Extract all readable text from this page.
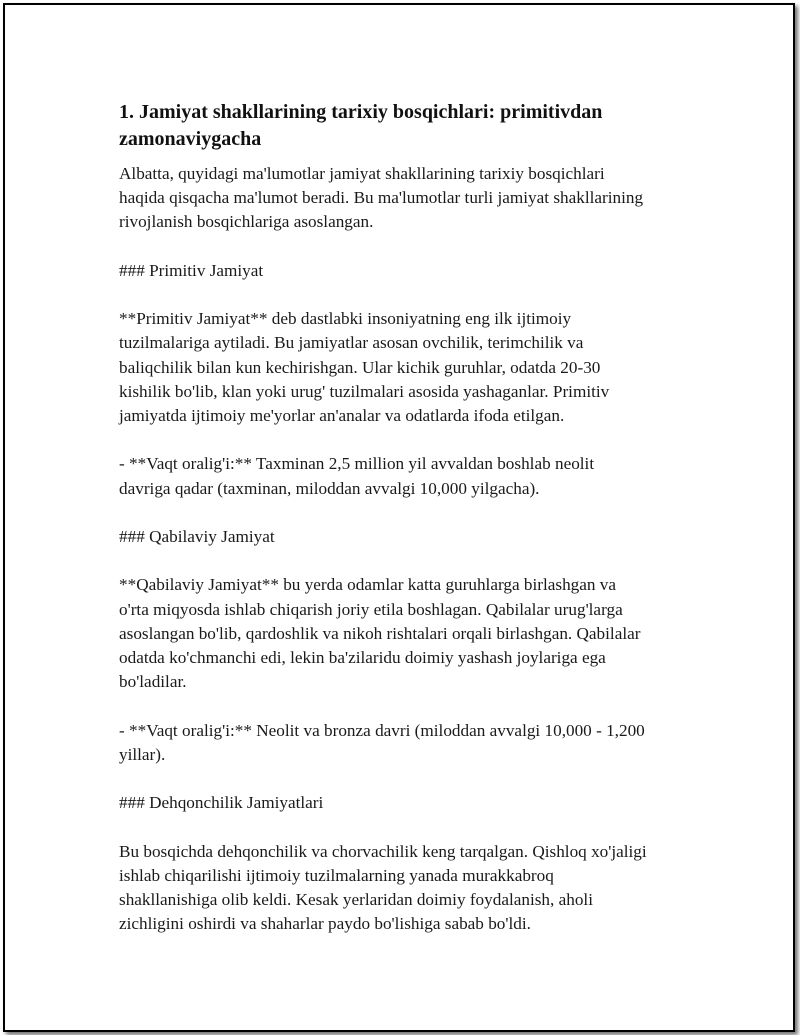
1. Jamiyat shakllarining tarixiy bosqichlari: primitivdan zamonaviygacha

Albatta, quyidagi ma'lumotlar jamiyat shakllarining tarixiy bosqichlari
haqida qisqacha ma'lumot beradi. Bu ma'lumotlar turli jamiyat shakllarining
rivojlanish bosqichlariga asoslangan.

### Primitiv Jamiyat

**Primitiv Jamiyat** deb dastlabki insoniyatning eng ilk ijtimoiy
tuzilmalariga aytiladi. Bu jamiyatlar asosan ovchilik, terimchilik va
baliqchilik bilan kun kechirishgan. Ular kichik guruhlar, odatda 20-30
kishilik bo'lib, klan yoki urug' tuzilmalari asosida yashaganlar. Primitiv
jamiyatda ijtimoiy me'yorlar an'analar va odatlarda ifoda etilgan.

- **Vaqt oralig'i:** Taxminan 2,5 million yil avvaldan boshlab neolit
davriga qadar (taxminan, miloddan avvalgi 10,000 yilgacha).

### Qabilaviy Jamiyat

**Qabilaviy Jamiyat** bu yerda odamlar katta guruhlarga birlashgan va
o'rta miqyosda ishlab chiqarish joriy etila boshlagan. Qabilalar urug'larga
asoslangan bo'lib, qardoshlik va nikoh rishtalari orqali birlashgan. Qabilalar
odatda ko'chmanchi edi, lekin ba'zilaridu doimiy yashash joylariga ega
bo'ladilar.

- **Vaqt oralig'i:** Neolit va bronza davri (miloddan avvalgi 10,000 - 1,200
yillar).

### Dehqonchilik Jamiyatlari

Bu bosqichda dehqonchilik va chorvachilik keng tarqalgan. Qishloq xo'jaligi
ishlab chiqarilishi ijtimoiy tuzilmalarning yanada murakkabroq
shakllanishiga olib keldi. Kesak yerlaridan doimiy foydalanish, aholi
zichligini oshirdi va shaharlar paydo bo'lishiga sabab bo'ldi.
